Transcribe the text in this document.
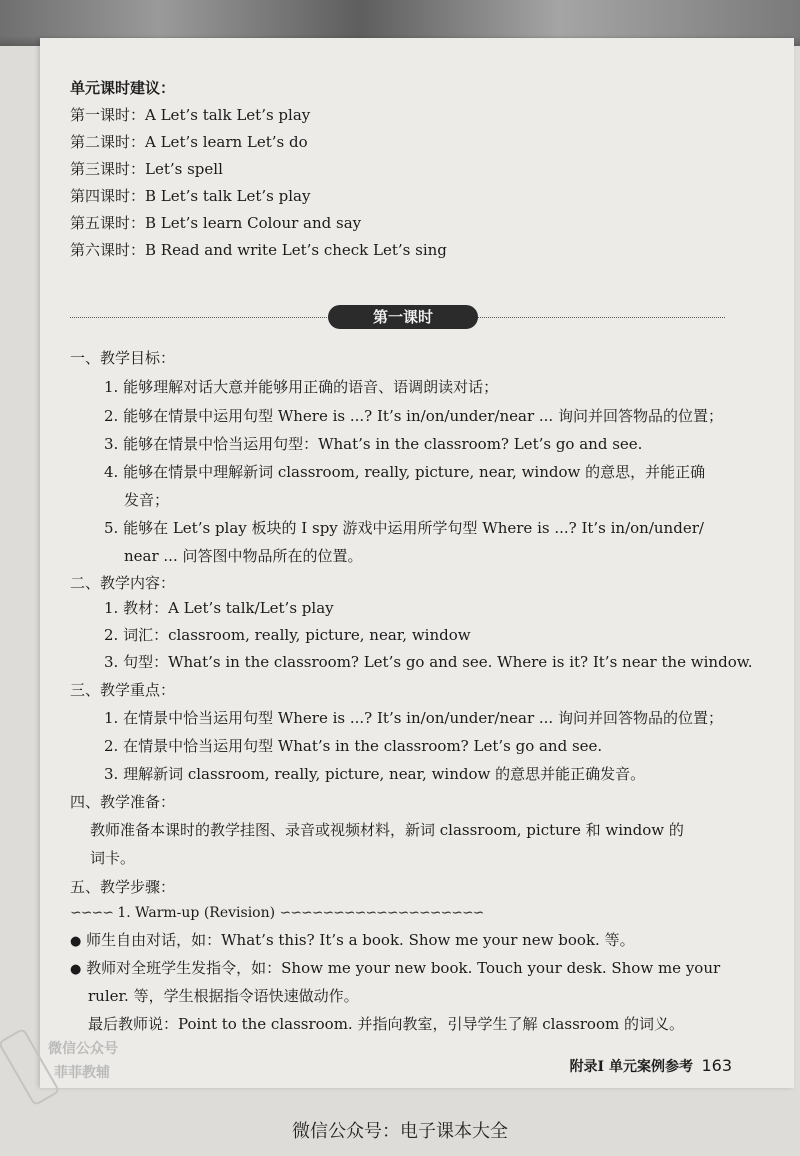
单元课时建议：
第一课时：A Let’s talk Let’s play
第二课时：A Let’s learn Let’s do
第三课时：Let’s spell
第四课时：B Let’s talk Let’s play
第五课时：B Let’s learn Colour and say
第六课时：B Read and write Let’s check Let’s sing
第一课时
一、教学目标：
1. 能够理解对话大意并能够用正确的语音、语调朗读对话；
2. 能够在情景中运用句型 Where is ...? It’s in/on/under/near ... 询问并回答物品的位置；
3. 能够在情景中恰当运用句型：What’s in the classroom? Let’s go and see.
4. 能够在情景中理解新词 classroom, really, picture, near, window 的意思，并能正确
发音；
5. 能够在 Let’s play 板块的 I spy 游戏中运用所学句型 Where is ...? It’s in/on/under/
near ... 问答图中物品所在的位置。
二、教学内容：
1. 教材：A Let’s talk/Let’s play
2. 词汇：classroom, really, picture, near, window
3. 句型：What’s in the classroom? Let’s go and see. Where is it? It’s near the window.
三、教学重点：
1. 在情景中恰当运用句型 Where is ...? It’s in/on/under/near ... 询问并回答物品的位置；
2. 在情景中恰当运用句型 What’s in the classroom? Let’s go and see.
3. 理解新词 classroom, really, picture, near, window 的意思并能正确发音。
四、教学准备：
教师准备本课时的教学挂图、录音或视频材料，新词 classroom, picture 和 window 的
词卡。
五、教学步骤：
∽∽∽∽ 1. Warm-up (Revision) ∽∽∽∽∽∽∽∽∽∽∽∽∽∽∽∽∽∽∽
● 师生自由对话，如：What’s this? It’s a book. Show me your new book. 等。
● 教师对全班学生发指令，如：Show me your new book. Touch your desk. Show me your
ruler. 等，学生根据指令语快速做动作。
最后教师说：Point to the classroom. 并指向教室，引导学生了解 classroom 的词义。
附录Ⅰ 单元案例参考 163
微信公众号
菲菲教辅
微信公众号：电子课本大全
